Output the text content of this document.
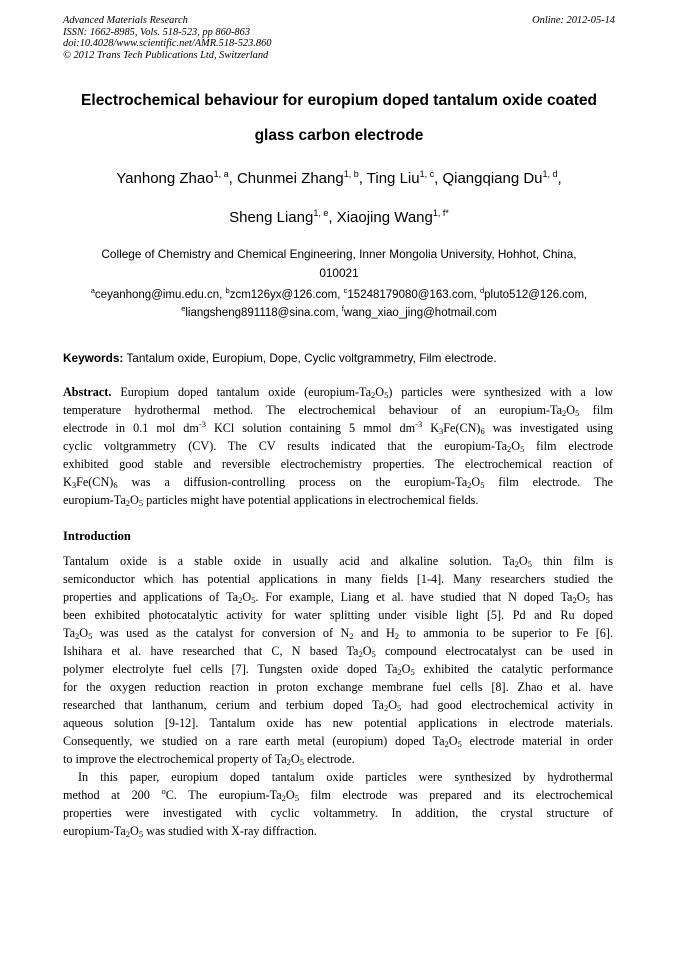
Advanced Materials Research
ISSN: 1662-8985, Vols. 518-523, pp 860-863
doi:10.4028/www.scientific.net/AMR.518-523.860
© 2012 Trans Tech Publications Ltd, Switzerland
Online: 2012-05-14
Electrochemical behaviour for europium doped tantalum oxide coated
glass carbon electrode
Yanhong Zhao$^{1, a}$, Chunmei Zhang$^{1, b}$, Ting Liu$^{1, c}$, Qiangqiang Du$^{1, d}$,
Sheng Liang$^{1, e}$, Xiaojing Wang$^{1, f*}$
College of Chemistry and Chemical Engineering, Inner Mongolia University, Hohhot, China,
010021
$^a$ceyanhong@imu.edu.cn, $^b$zcm126yx@126.com, $^c$15248179080@163.com, $^d$pluto512@126.com,
$^e$liangsheng891118@sina.com, $^f$wang_xiao_jing@hotmail.com
Keywords: Tantalum oxide, Europium, Dope, Cyclic voltgrammetry, Film electrode.
Abstract. Europium doped tantalum oxide $(europium-Ta_2O_5)$ particles were synthesized with a low
temperature hydrothermal method. The electrochemical behaviour of an europium-$Ta_2O_5$ film
electrode in 0.1 mol $dm^{-3}$ KCl solution containing 5 mmol $dm^{-3}$ $K_3Fe(CN)_6$ was investigated using
cyclic voltgrammetry (CV). The CV results indicated that the europium-$Ta_2O_5$ film electrode
exhibited good stable and reversible electrochemistry properties. The electrochemical reaction of
$K_3Fe(CN)_6$ was a diffusion-controlling process on the europium-$Ta_2O_5$ film electrode. The
europium-$Ta_2O_5$ particles might have potential applications in electrochemical fields.
Introduction
Tantalum oxide is a stable oxide in usually acid and alkaline solution. $Ta_2O_5$ thin film is
semiconductor which has potential applications in many fields [1-4]. Many researchers studied the
properties and applications of $Ta_2O_5$. For example, Liang et al. have studied that N doped $Ta_2O_5$ has
been exhibited photocatalytic activity for water splitting under visible light [5]. Pd and Ru doped
$Ta_2O_5$ was used as the catalyst for conversion of $N_2$ and $H_2$ to ammonia to be superior to Fe [6].
Ishihara et al. have researched that C, N based $Ta_2O_5$ compound electrocatalyst can be used in
polymer electrolyte fuel cells [7]. Tungsten oxide doped $Ta_2O_5$ exhibited the catalytic performance
for the oxygen reduction reaction in proton exchange membrane fuel cells [8]. Zhao et al. have
researched that lanthanum, cerium and terbium doped $Ta_2O_5$ had good electrochemical activity in
aqueous solution [9-12]. Tantalum oxide has new potential applications in electrode materials.
Consequently, we studied on a rare earth metal (europium) doped $Ta_2O_5$ electrode material in order
to improve the electrochemical property of $Ta_2O_5$ electrode.
In this paper, europium doped tantalum oxide particles were synthesized by hydrothermal
method at 200 $^o$C. The europium-$Ta_2O_5$ film electrode was prepared and its electrochemical
properties were investigated with cyclic voltammetry. In addition, the crystal structure of
europium-$Ta_2O_5$ was studied with X-ray diffraction.
